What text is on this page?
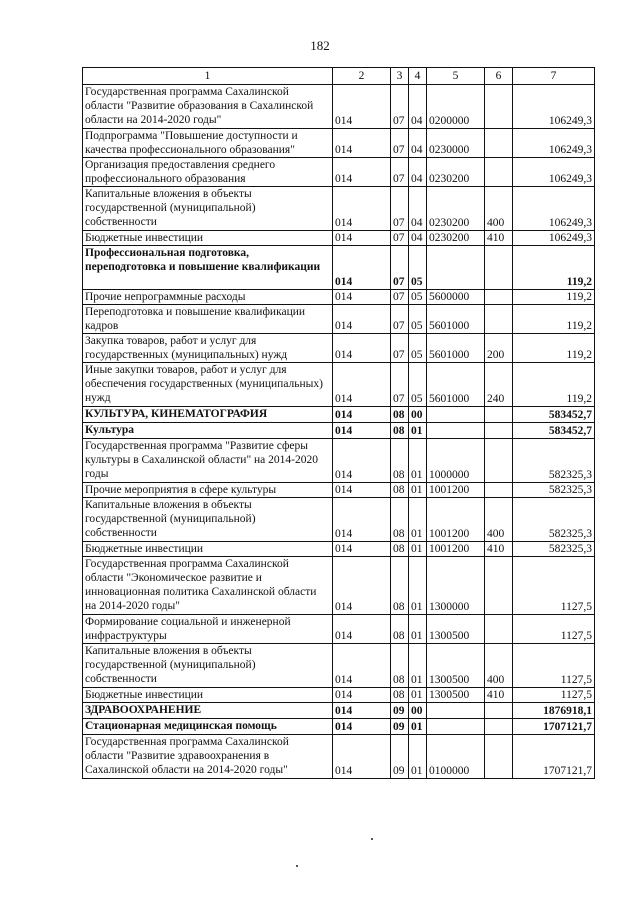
182
1	2	3	4	5	6	7
Государственная программа Сахалинской области "Развитие образования в Сахалинской области на 2014-2020 годы"	014	07	04	0200000		106249,3
Подпрограмма "Повышение доступности и качества профессионального образования"	014	07	04	0230000		106249,3
Организация предоставления среднего профессионального образования	014	07	04	0230200		106249,3
Капитальные вложения в объекты государственной (муниципальной) собственности	014	07	04	0230200	400	106249,3
Бюджетные инвестиции	014	07	04	0230200	410	106249,3
Профессиональная подготовка, переподготовка и повышение квалификации	014	07	05			119,2
Прочие непрограммные расходы	014	07	05	5600000		119,2
Переподготовка и повышение квалификации кадров	014	07	05	5601000		119,2
Закупка товаров, работ и услуг для государственных (муниципальных) нужд	014	07	05	5601000	200	119,2
Иные закупки товаров, работ и услуг для обеспечения государственных (муниципальных) нужд	014	07	05	5601000	240	119,2
КУЛЬТУРА, КИНЕМАТОГРАФИЯ	014	08	00			583452,7
Культура	014	08	01			583452,7
Государственная программа "Развитие сферы культуры в Сахалинской области" на 2014-2020 годы	014	08	01	1000000		582325,3
Прочие мероприятия в сфере культуры	014	08	01	1001200		582325,3
Капитальные вложения в объекты государственной (муниципальной) собственности	014	08	01	1001200	400	582325,3
Бюджетные инвестиции	014	08	01	1001200	410	582325,3
Государственная программа Сахалинской области "Экономическое развитие и инновационная политика Сахалинской области на 2014-2020 годы"	014	08	01	1300000		1127,5
Формирование социальной и инженерной инфраструктуры	014	08	01	1300500		1127,5
Капитальные вложения в объекты государственной (муниципальной) собственности	014	08	01	1300500	400	1127,5
Бюджетные инвестиции	014	08	01	1300500	410	1127,5
ЗДРАВООХРАНЕНИЕ	014	09	00			1876918,1
Стационарная медицинская помощь	014	09	01			1707121,7
Государственная программа Сахалинской области "Развитие здравоохранения в Сахалинской области на 2014-2020 годы"	014	09	01	0100000		1707121,7
